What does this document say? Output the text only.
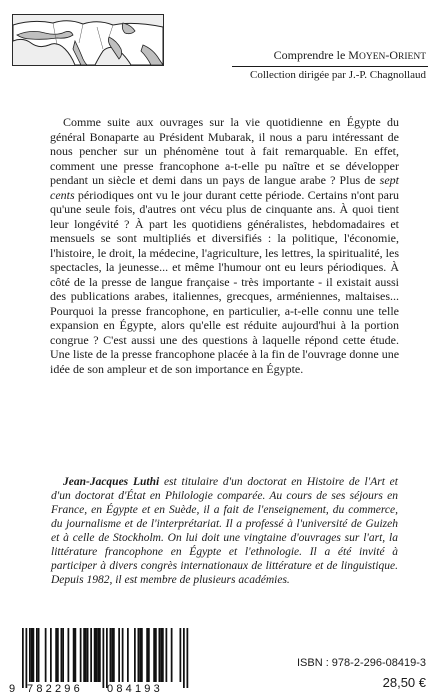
Comprendre le MOYEN-ORIENT
Collection dirigée par J.-P. Chagnollaud

Comme suite aux ouvrages sur la vie quotidienne en Égypte du général Bonaparte au Président Mubarak, il nous a paru intéressant de nous pencher sur un phénomène tout à fait remarquable. En effet, comment une presse francophone a-t-elle pu naître et se développer pendant un siècle et demi dans un pays de langue arabe ? Plus de sept cents périodiques ont vu le jour durant cette période. Certains n'ont paru qu'une seule fois, d'autres ont vécu plus de cinquante ans. À quoi tient leur longévité ? À part les quotidiens généralistes, hebdomadaires et mensuels se sont multipliés et diversifiés : la politique, l'économie, l'histoire, le droit, la médecine, l'agriculture, les lettres, la spiritualité, les spectacles, la jeunesse... et même l'humour ont eu leurs périodiques. À côté de la presse de langue française - très importante - il existait aussi des publications arabes, italiennes, grecques, arméniennes, maltaises... Pourquoi la presse francophone, en particulier, a-t-elle connu une telle expansion en Égypte, alors qu'elle est réduite aujourd'hui à la portion congrue ? C'est aussi une des questions à laquelle répond cette étude. Une liste de la presse francophone placée à la fin de l'ouvrage donne une idée de son ampleur et de son importance en Égypte.

Jean-Jacques Luthi est titulaire d'un doctorat en Histoire de l'Art et d'un doctorat d'État en Philologie comparée. Au cours de ses séjours en France, en Égypte et en Suède, il a fait de l'enseignement, du commerce, du journalisme et de l'interprétariat. Il a professé à l'université de Guizeh et à celle de Stockholm. On lui doit une vingtaine d'ouvrages sur l'art, la littérature francophone en Égypte et l'ethnologie. Il a été invité à participer à divers congrès internationaux de littérature et de linguistique. Depuis 1982, il est membre de plusieurs académies.

9 782296 084193
ISBN : 978-2-296-08419-3
28,50 €
